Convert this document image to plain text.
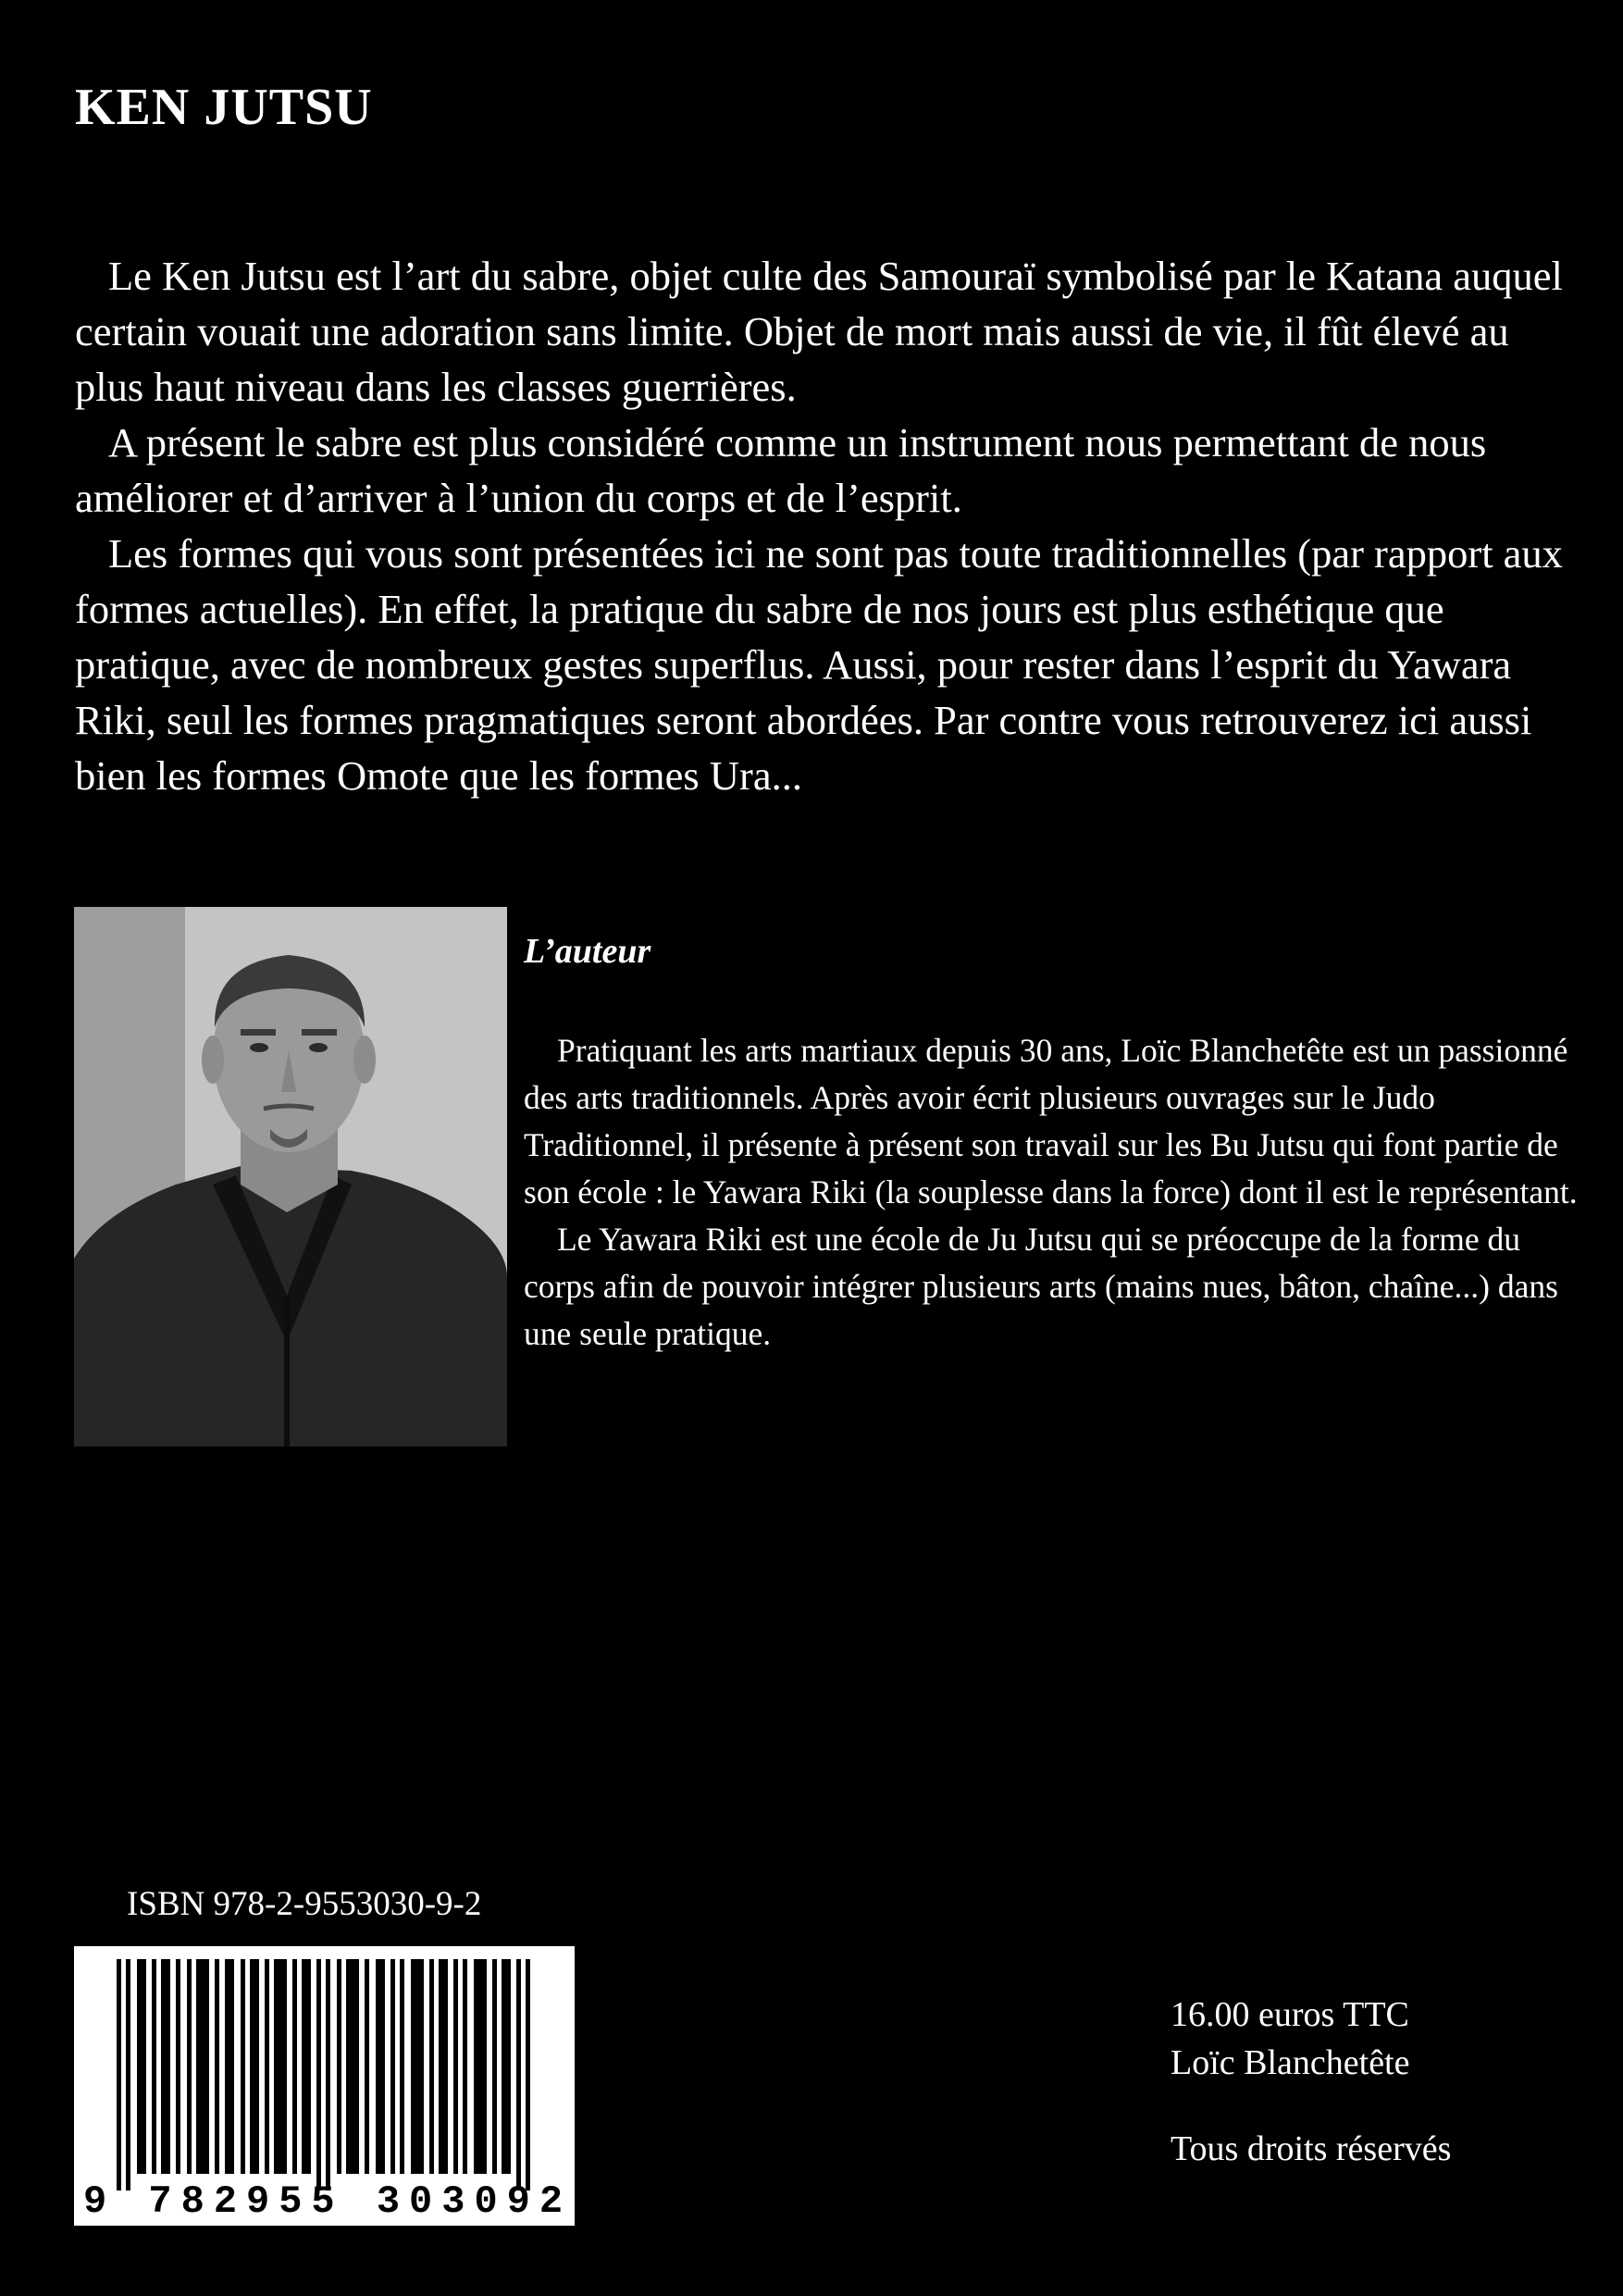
KEN JUTSU

Le Ken Jutsu est l’art du sabre, objet culte des Samouraï symbolisé par le Katana auquel certain vouait une adoration sans limite. Objet de mort mais aussi de vie, il fût élevé au plus haut niveau dans les classes guerrières.

A présent le sabre est plus considéré comme un instrument nous permettant de nous améliorer et d’arriver à l’union du corps et de l’esprit.

Les formes qui vous sont présentées ici ne sont pas toute traditionnelles (par rapport aux formes actuelles). En effet, la pratique du sabre de nos jours est plus esthétique que pratique, avec de nombreux gestes superflus. Aussi, pour rester dans l’esprit du Yawara Riki, seul les formes pragmatiques seront abordées. Par contre vous retrouverez ici aussi bien les formes Omote que les formes Ura...

L’auteur

Pratiquant les arts martiaux depuis 30 ans, Loïc Blanchetête est un passionné des arts traditionnels. Après avoir écrit plusieurs ouvrages sur le Judo Traditionnel, il présente à présent son travail sur les Bu Jutsu qui font partie de son école : le Yawara Riki (la souplesse dans la force) dont il est le représentant.

Le Yawara Riki est une école de Ju Jutsu qui se préoccupe de la forme du corps afin de pouvoir intégrer plusieurs arts (mains nues, bâton, chaîne...) dans une seule pratique.

ISBN 978-2-9553030-9-2
9 782955 303092
16.00 euros TTC
Loïc Blanchetête
Tous droits réservés
